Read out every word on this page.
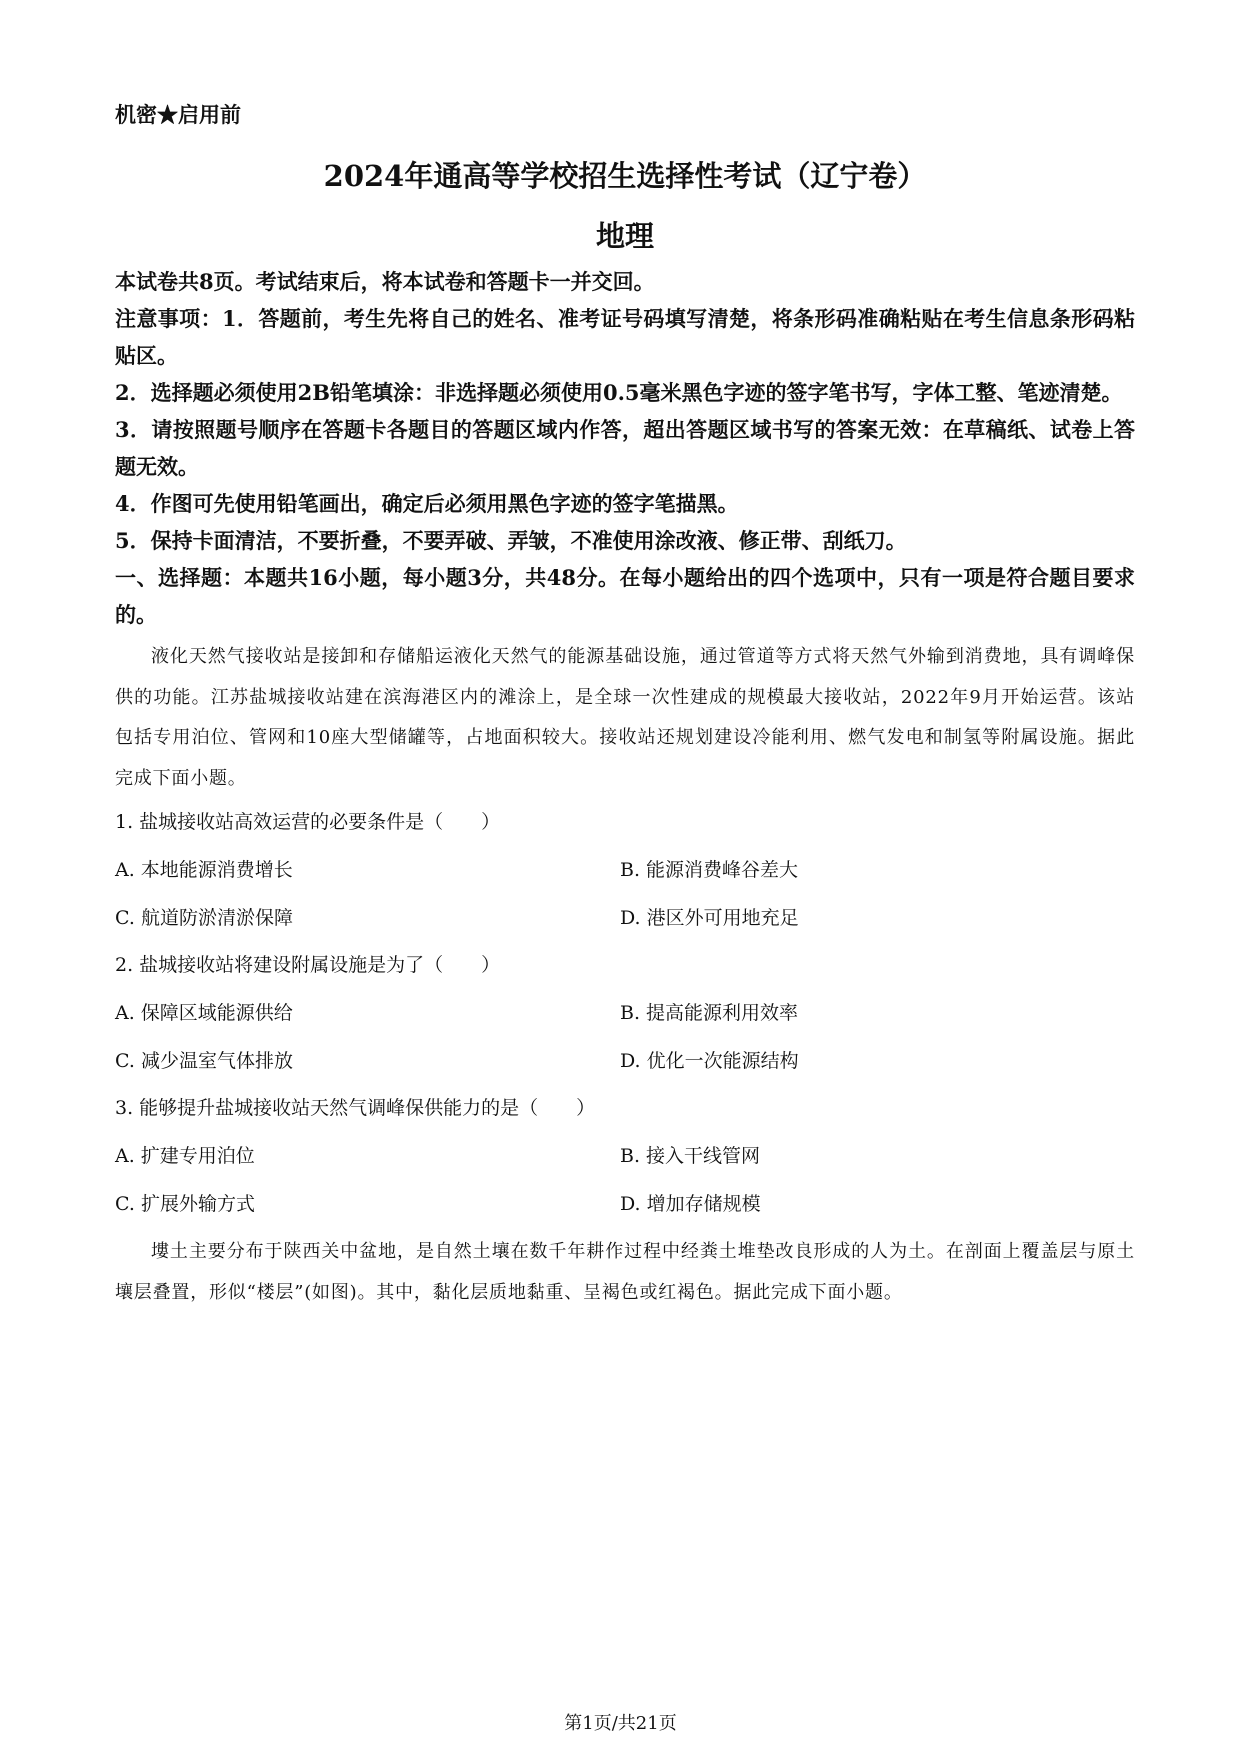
机密★启用前

2024年通高等学校招生选择性考试（辽宁卷）
地理

本试卷共8页。考试结束后，将本试卷和答题卡一并交回。

注意事项：1．答题前，考生先将自己的姓名、准考证号码填写清楚，将条形码准确粘贴在考生信息条形码粘贴区。

2．选择题必须使用2B铅笔填涂：非选择题必须使用0.5毫米黑色字迹的签字笔书写，字体工整、笔迹清楚。

3．请按照题号顺序在答题卡各题目的答题区域内作答，超出答题区域书写的答案无效：在草稿纸、试卷上答题无效。

4．作图可先使用铅笔画出，确定后必须用黑色字迹的签字笔描黑。

5．保持卡面清洁，不要折叠，不要弄破、弄皱，不准使用涂改液、修正带、刮纸刀。

一、选择题：本题共16小题，每小题3分，共48分。在每小题给出的四个选项中，只有一项是符合题目要求的。

液化天然气接收站是接卸和存储船运液化天然气的能源基础设施，通过管道等方式将天然气外输到消费地，具有调峰保供的功能。江苏盐城接收站建在滨海港区内的滩涂上，是全球一次性建成的规模最大接收站，2022年9月开始运营。该站包括专用泊位、管网和10座大型储罐等，占地面积较大。接收站还规划建设冷能利用、燃气发电和制氢等附属设施。据此完成下面小题。

1. 盐城接收站高效运营的必要条件是（　　）

A. 本地能源消费增长	B. 能源消费峰谷差大
C. 航道防淤清淤保障	D. 港区外可用地充足

2. 盐城接收站将建设附属设施是为了（　　）

A. 保障区域能源供给	B. 提高能源利用效率
C. 减少温室气体排放	D. 优化一次能源结构

3. 能够提升盐城接收站天然气调峰保供能力的是（　　）

A. 扩建专用泊位	B. 接入干线管网
C. 扩展外输方式	D. 增加存储规模

塿土主要分布于陕西关中盆地，是自然土壤在数千年耕作过程中经粪土堆垫改良形成的人为土。在剖面上覆盖层与原土壤层叠置，形似“楼层”(如图)。其中，黏化层质地黏重、呈褐色或红褐色。据此完成下面小题。

第1页/共21页
